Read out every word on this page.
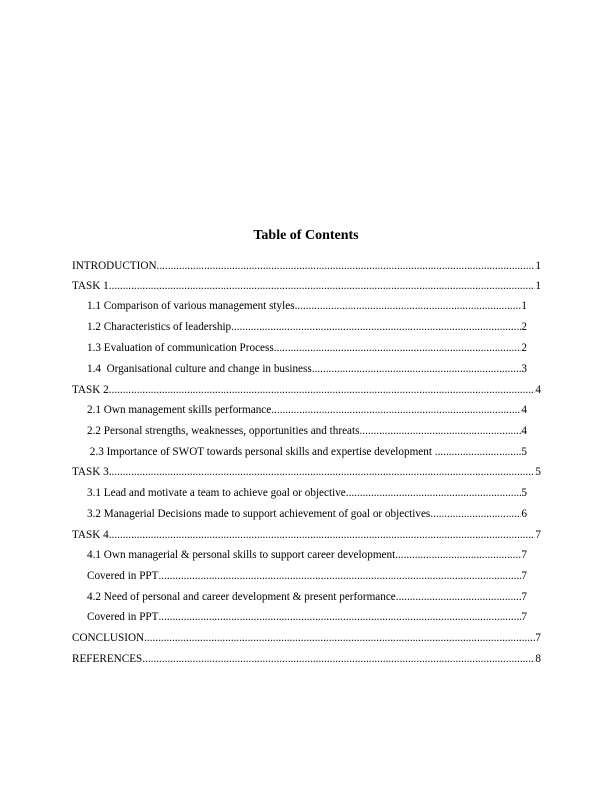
Table of Contents
INTRODUCTION .....	1
TASK 1 .....	1
1.1 Comparison of various management styles .....	1
1.2 Characteristics of leadership .....	2
1.3 Evaluation of communication Process .....	2
1.4  Organisational culture and change in business .....	3
TASK 2 .....	4
2.1 Own management skills performance .....	4
2.2 Personal strengths, weaknesses, opportunities and threats .....	4
2.3 Importance of SWOT towards personal skills and expertise development .....	5
TASK 3 .....	5
3.1 Lead and motivate a team to achieve goal or objective .....	5
3.2 Managerial Decisions made to support achievement of goal or objectives .....	6
TASK 4 .....	7
4.1 Own managerial & personal skills to support career development .....	7
Covered in PPT .....	7
4.2 Need of personal and career development & present performance .....	7
Covered in PPT .....	7
CONCLUSION .....	7
REFERENCES .....	8
